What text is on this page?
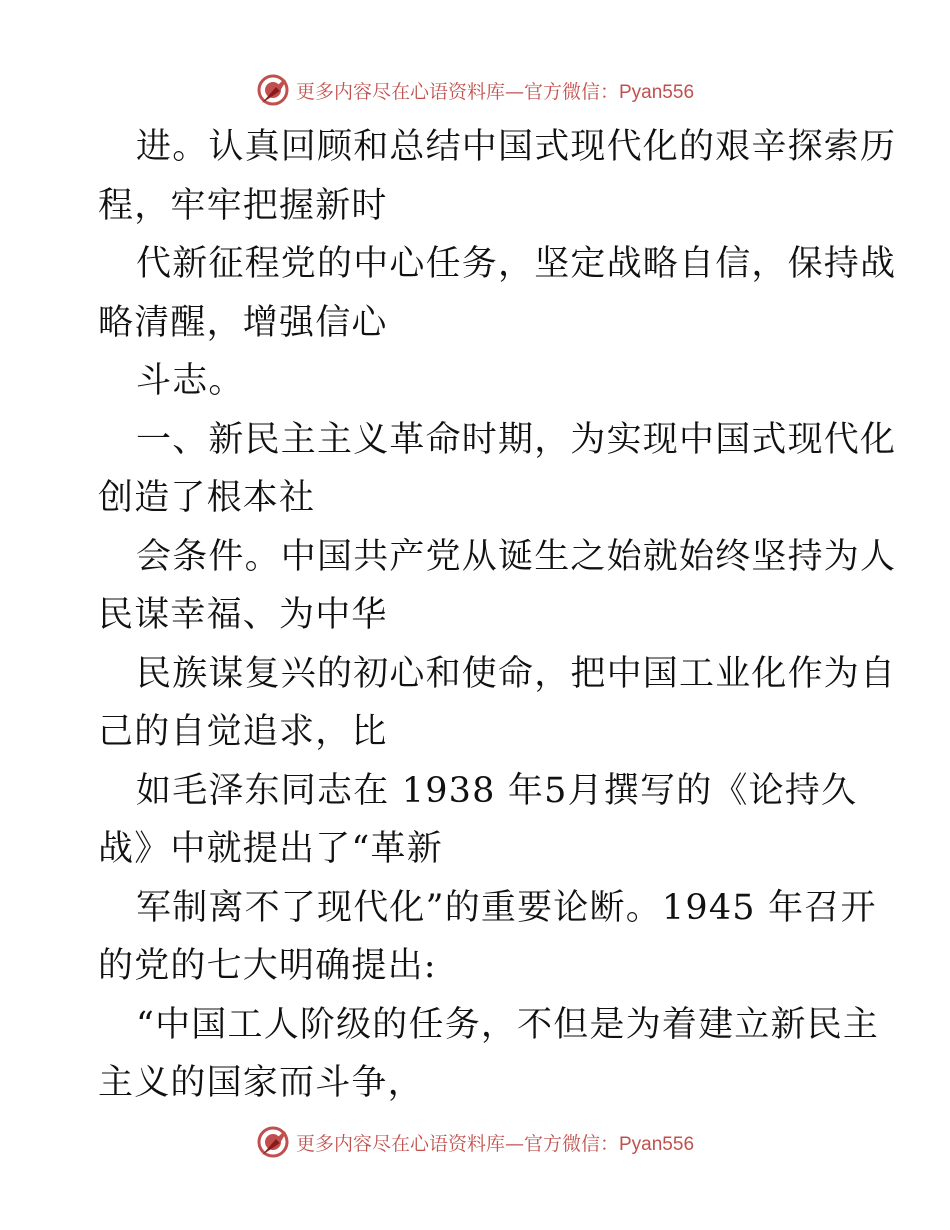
更多内容尽在心语资料库—官方微信：Pyan556
进。认真回顾和总结中国式现代化的艰辛探索历
程，牢牢把握新时
代新征程党的中心任务，坚定战略自信，保持战
略清醒，增强信心
斗志。
一、新民主主义革命时期，为实现中国式现代化
创造了根本社
会条件。中国共产党从诞生之始就始终坚持为人
民谋幸福、为中华
民族谋复兴的初心和使命，把中国工业化作为自
己的自觉追求，比
如毛泽东同志在 1938 年5月撰写的《论持久
战》中就提出了“革新
军制离不了现代化”的重要论断。1945 年召开
的党的七大明确提出:
“中国工人阶级的任务，不但是为着建立新民主
主义的国家而斗争，
更多内容尽在心语资料库—官方微信：Pyan556
